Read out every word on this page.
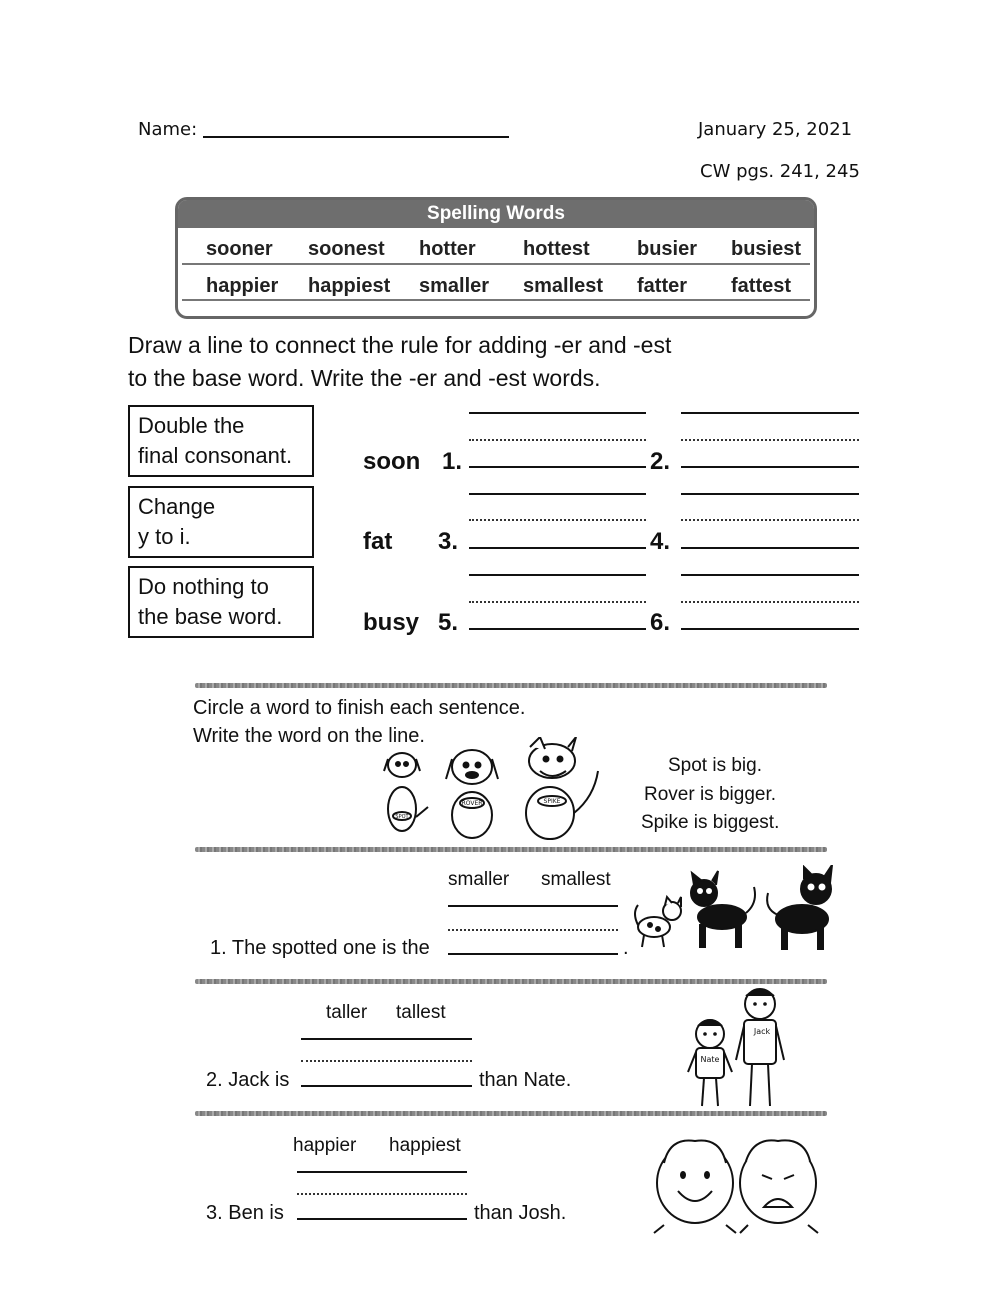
Name:	January 25, 2021
CW pgs. 241, 245
Spelling Words
sooner soonest hotter hottest busier busiest
happier happiest smaller smallest fatter fattest
Draw a line to connect the rule for adding -er and -est
to the base word. Write the -er and -est words.
Double the
final consonant.
Change
y to i.
Do nothing to
the base word.
soon 1.	2.
fat 3.	4.
busy 5.	6.
Circle a word to finish each sentence.
Write the word on the line.
SPOT
ROVER	SPIKE
Spot is big.
Rover is bigger.
Spike is biggest.
smaller smallest
1. The spotted one is the	.
taller tallest
2. Jack is	than Nate.
Nate
Jack
happier happiest
3. Ben is	than Josh.
